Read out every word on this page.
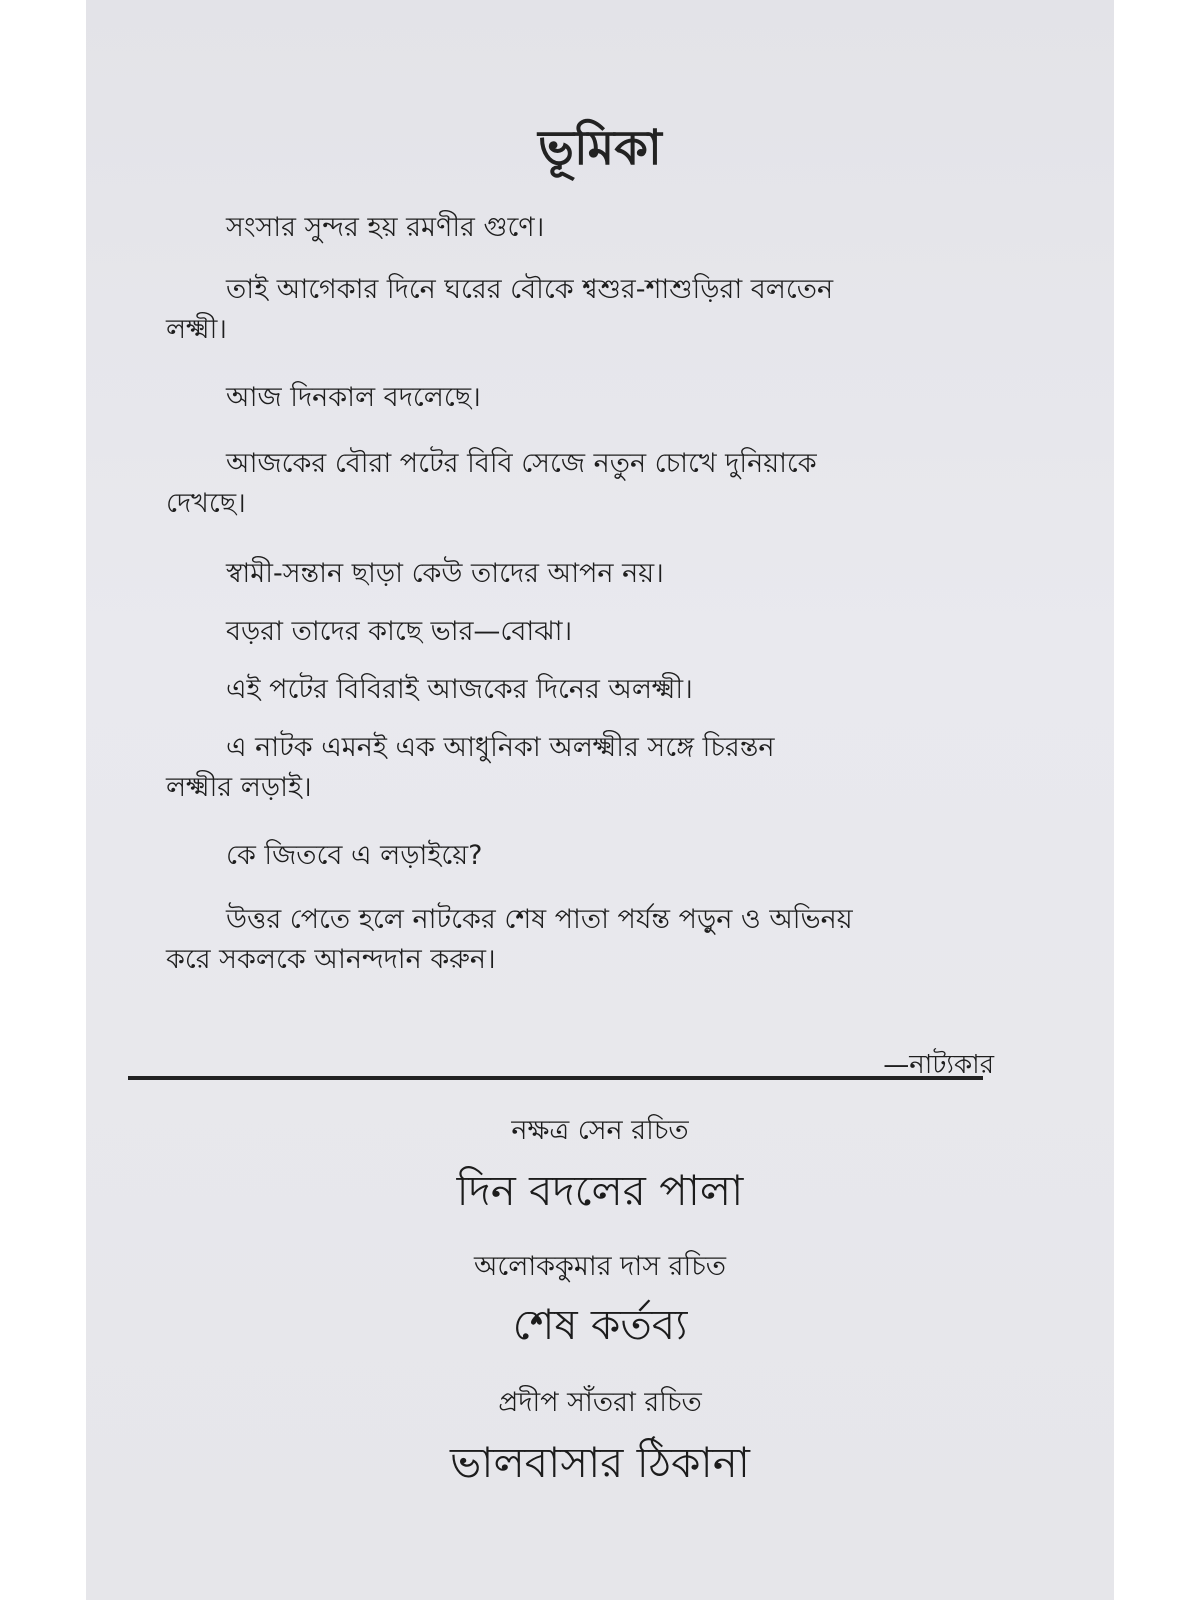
ভূমিকা
সংসার সুন্দর হয় রমণীর গুণে।
তাই আগেকার দিনে ঘরের বৌকে শ্বশুর-শাশুড়িরা বলতেন
লক্ষ্মী।
আজ দিনকাল বদলেছে।
আজকের বৌরা পটের বিবি সেজে নতুন চোখে দুনিয়াকে
দেখছে।
স্বামী-সন্তান ছাড়া কেউ তাদের আপন নয়।
বড়রা তাদের কাছে ভার—বোঝা।
এই পটের বিবিরাই আজকের দিনের অলক্ষ্মী।
এ নাটক এমনই এক আধুনিকা অলক্ষ্মীর সঙ্গে চিরন্তন
লক্ষ্মীর লড়াই।
কে জিতবে এ লড়াইয়ে?
উত্তর পেতে হলে নাটকের শেষ পাতা পর্যন্ত পড়ুন ও অভিনয়
করে সকলকে আনন্দদান করুন।
—নাট্যকার
নক্ষত্র সেন রচিত
দিন বদলের পালা
অলোককুমার দাস রচিত
শেষ কর্তব্য
প্রদীপ সাঁতরা রচিত
ভালবাসার ঠিকানা
